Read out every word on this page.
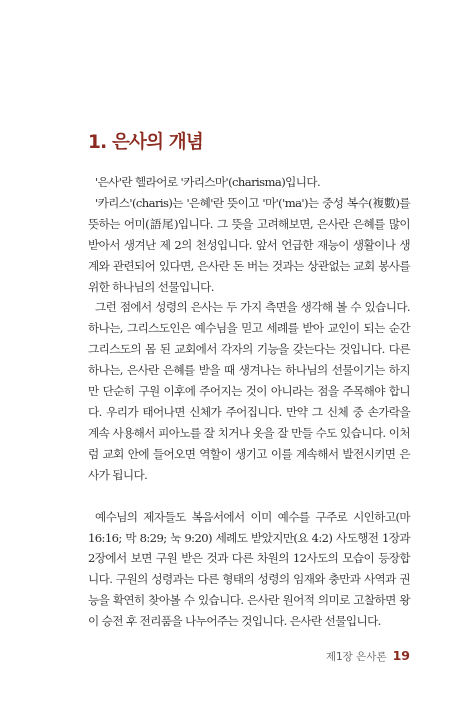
1. 은사의 개념

'은사'란 헬라어로 '카리스마'(charisma)입니다.

'카리스'(charis)는 '은혜'란 뜻이고 '마'('ma')는 중성 복수(複數)를 뜻하는 어미(語尾)입니다. 그 뜻을 고려해보면, 은사란 은혜를 많이 받아서 생겨난 제 2의 천성입니다. 앞서 언급한 재능이 생활이나 생계와 관련되어 있다면, 은사란 돈 버는 것과는 상관없는 교회 봉사를 위한 하나님의 선물입니다.

그런 점에서 성령의 은사는 두 가지 측면을 생각해 볼 수 있습니다. 하나는, 그리스도인은 예수님을 믿고 세례를 받아 교인이 되는 순간 그리스도의 몸 된 교회에서 각자의 기능을 갖는다는 것입니다. 다른 하나는, 은사란 은혜를 받을 때 생겨나는 하나님의 선물이기는 하지만 단순히 구원 이후에 주어지는 것이 아니라는 점을 주목해야 합니다. 우리가 태어나면 신체가 주어집니다. 만약 그 신체 중 손가락을 계속 사용해서 피아노를 잘 치거나 옷을 잘 만들 수도 있습니다. 이처럼 교회 안에 들어오면 역할이 생기고 이를 계속해서 발전시키면 은사가 됩니다.

예수님의 제자들도 복음서에서 이미 예수를 구주로 시인하고(마 16:16; 막 8:29; 눅 9:20) 세례도 받았지만(요 4:2) 사도행전 1장과 2장에서 보면 구원 받은 것과 다른 차원의 12사도의 모습이 등장합니다. 구원의 성령과는 다른 형태의 성령의 임재와 충만과 사역과 권능을 확연히 찾아볼 수 있습니다. 은사란 원어적 의미로 고찰하면 왕이 승전 후 전리품을 나누어주는 것입니다. 은사란 선물입니다.

제1장 은사론 19
